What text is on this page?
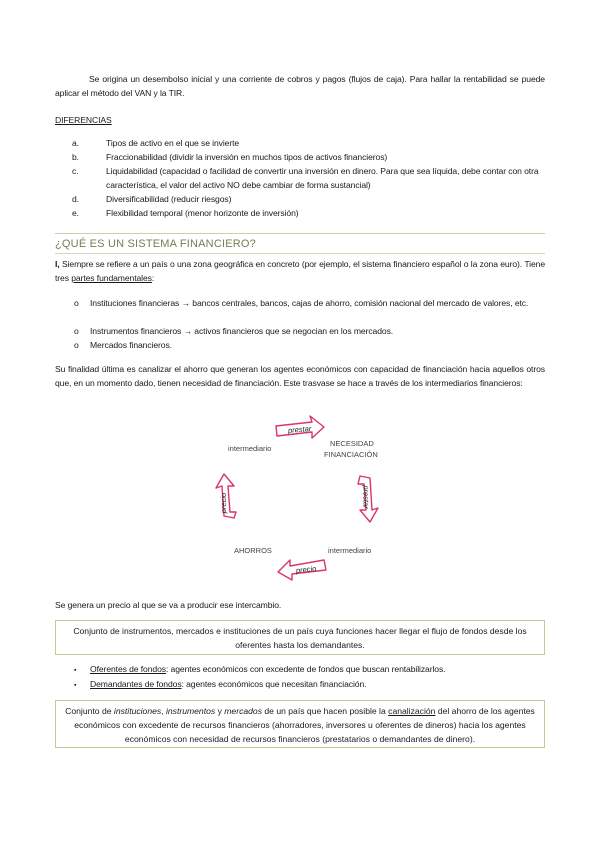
Se origina un desembolso inicial y una corriente de cobros y pagos (flujos de caja). Para hallar la rentabilidad se puede aplicar el método del VAN y la TIR.
DIFERENCIAS
a.	Tipos de activo en el que se invierte
b.	Fraccionabilidad (dividir la inversión en muchos tipos de activos financieros)
c.	Liquidabilidad (capacidad o facilidad de convertir una inversión en dinero. Para que sea líquida, debe contar con otra característica, el valor del activo NO debe cambiar de forma sustancial)
d.	Diversificabilidad (reducir riesgos)
e.	Flexibilidad temporal (menor horizonte de inversión)
¿QUÉ ES UN SISTEMA FINANCIERO?
I, Siempre se refiere a un país o una zona geográfica en concreto (por ejemplo, el sistema financiero español o la zona euro). Tiene tres partes fundamentales:
o	Instituciones financieras → bancos centrales, bancos, cajas de ahorro, comisión nacional del mercado de valores, etc.
o	Instrumentos financieros → activos financieros que se negocian en los mercados.
o	Mercados financieros.
Su finalidad última es canalizar el ahorro que generan los agentes económicos con capacidad de financiación hacia aquellos otros que, en un momento dado, tienen necesidad de financiación. Este trasvase se hace a través de los intermediarios financieros:
prestar
prestar
precio
precio
intermediario
NECESIDAD
FINANCIACIÓN
AHORROS	intermediario
Se genera un precio al que se va a producir ese intercambio.
Conjunto de instrumentos, mercados e instituciones de un país cuya funciones hacer llegar el flujo de fondos desde los oferentes hasta los demandantes.
▪ Oferentes de fondos: agentes económicos con excedente de fondos que buscan rentabilizarlos.
▪ Demandantes de fondos: agentes económicos que necesitan financiación.
Conjunto de instituciones, instrumentos y mercados de un país que hacen posible la canalización del ahorro de los agentes económicos con excedente de recursos financieros (ahorradores, inversores u oferentes de dineros) hacia los agentes económicos con necesidad de recursos financieros (prestatarios o demandantes de dinero).
